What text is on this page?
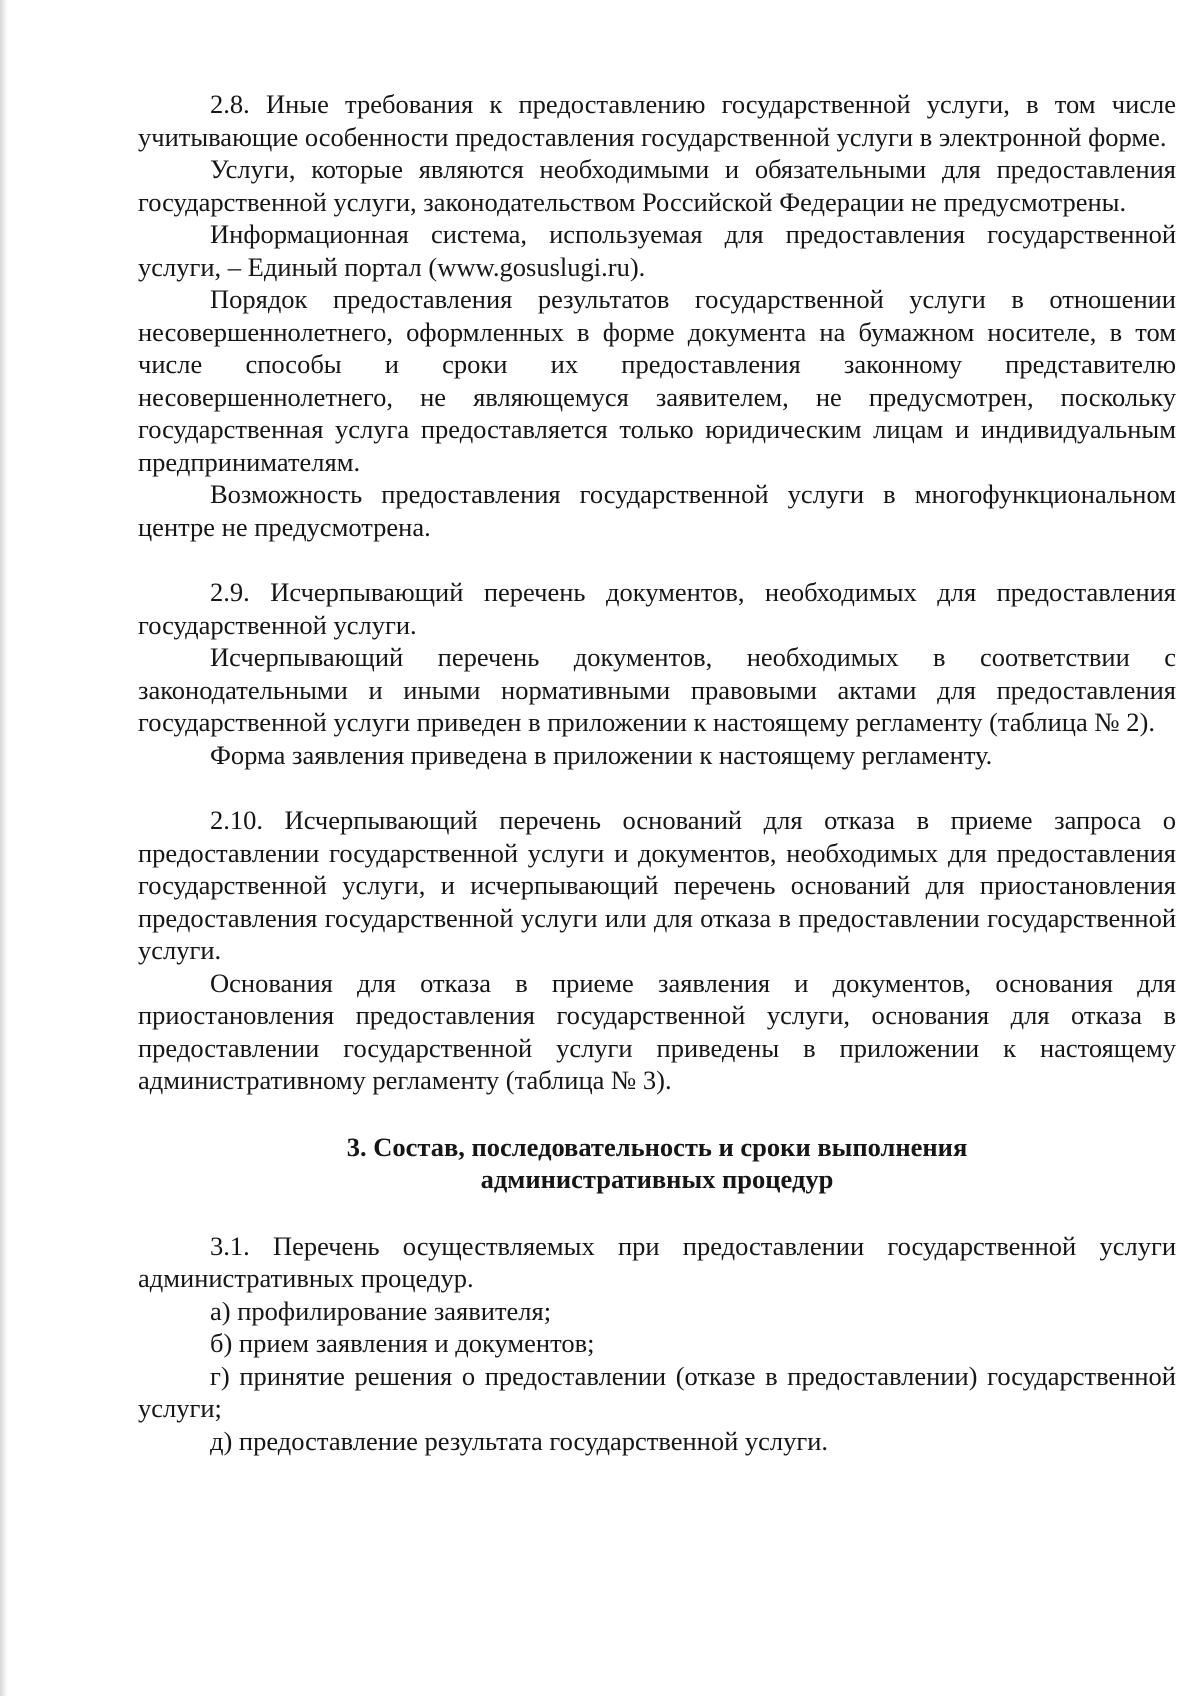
2.8. Иные требования к предоставлению государственной услуги, в том числе учитывающие особенности предоставления государственной услуги в электронной форме.

Услуги, которые являются необходимыми и обязательными для предоставления государственной услуги, законодательством Российской Федерации не предусмотрены.

Информационная система, используемая для предоставления государственной услуги, – Единый портал (www.gosuslugi.ru).

Порядок предоставления результатов государственной услуги в отношении несовершеннолетнего, оформленных в форме документа на бумажном носителе, в том числе способы и сроки их предоставления законному представителю несовершеннолетнего, не являющемуся заявителем, не предусмотрен, поскольку государственная услуга предоставляется только юридическим лицам и индивидуальным предпринимателям.

Возможность предоставления государственной услуги в многофункциональном центре не предусмотрена.

2.9. Исчерпывающий перечень документов, необходимых для предоставления государственной услуги.

Исчерпывающий перечень документов, необходимых в соответствии с законодательными и иными нормативными правовыми актами для предоставления государственной услуги приведен в приложении к настоящему регламенту (таблица № 2).

Форма заявления приведена в приложении к настоящему регламенту.

2.10. Исчерпывающий перечень оснований для отказа в приеме запроса о предоставлении государственной услуги и документов, необходимых для предоставления государственной услуги, и исчерпывающий перечень оснований для приостановления предоставления государственной услуги или для отказа в предоставлении государственной услуги.

Основания для отказа в приеме заявления и документов, основания для приостановления предоставления государственной услуги, основания для отказа в предоставлении государственной услуги приведены в приложении к настоящему административному регламенту (таблица № 3).

3. Состав, последовательность и сроки выполнения
административных процедур

3.1. Перечень осуществляемых при предоставлении государственной услуги административных процедур.

а) профилирование заявителя;

б) прием заявления и документов;

г) принятие решения о предоставлении (отказе в предоставлении) государственной услуги;

д) предоставление результата государственной услуги.
